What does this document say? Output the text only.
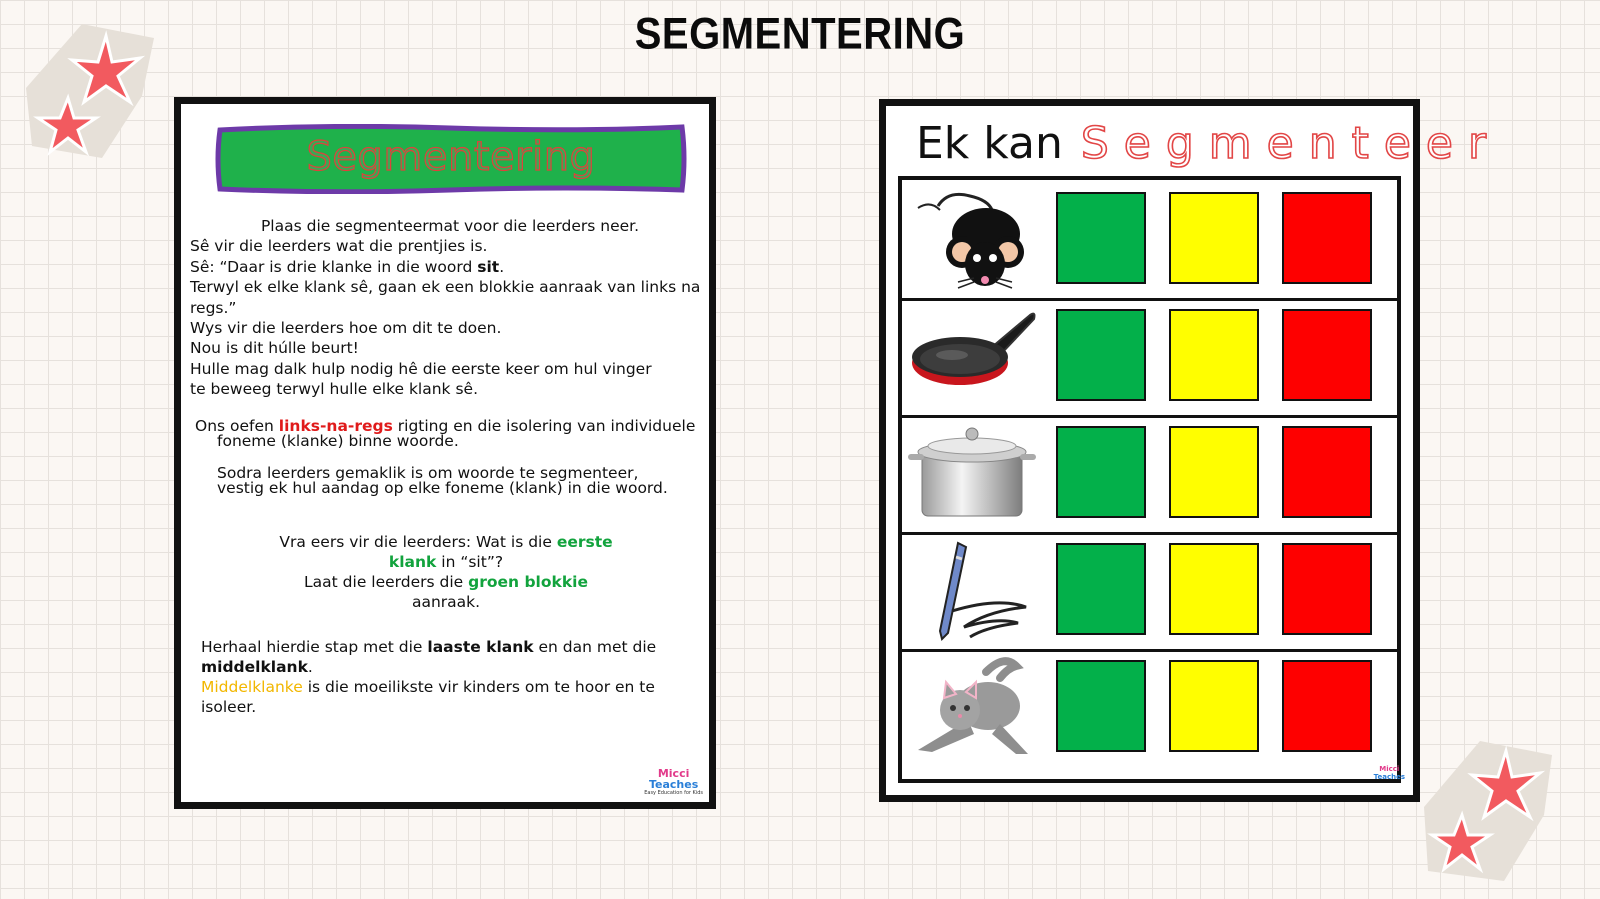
SEGMENTERING
Segmentering

Plaas die segmenteermat voor die leerders neer.

Sê vir die leerders wat die prentjies is.

Sê: “Daar is drie klanke in die woord sit.

Terwyl ek elke klank sê, gaan ek een blokkie aanraak van links na regs.”

Wys vir die leerders hoe om dit te doen.

Nou is dit húlle beurt!

Hulle mag dalk hulp nodig hê die eerste keer om hul vinger te beweeg terwyl hulle elke klank sê.

Ons oefen links-na-regs rigting en die isolering van individuele foneme (klanke) binne woorde.
Sodra leerders gemaklik is om woorde te segmenteer, vestig ek hul aandag op elke foneme (klank) in die woord.
Vra eers vir die leerders: Wat is die eerste klank in “sit”?
Laat die leerders die groen blokkie aanraak.
Herhaal hierdie stap met die laaste klank en dan met die middelklank.
Middelklanke is die moeilikste vir kinders om te hoor en te isoleer.
Micci
Teaches
Easy Education for Kids
Ek kan Segmenteer
Micci
Teaches
